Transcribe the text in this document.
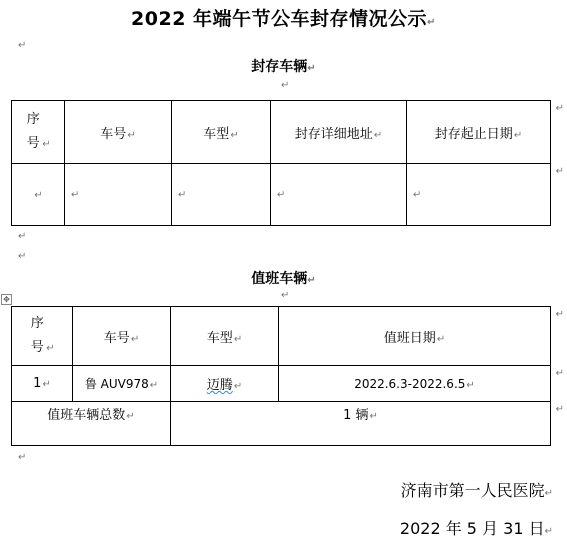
2022 年端午节公车封存情况公示↵
↵
封存车辆↵
↵
序号 ↵	车号↵	车型↵	封存详细地址↵	封存起止日期↵
↵

↵	↵	↵	↵	↵
↵
↵
↵
值班车辆↵
↵
✥
序号 ↵	车号↵	车型↵	值班日期↵
↵

1↵	鲁 AUV978↵	迈腾↵	2022.6.3-2022.6.5↵
↵

值班车辆总数↵		1 辆↵
↵	
↵
济南市第一人民医院↵
2022 年 5 月 31 日↵
